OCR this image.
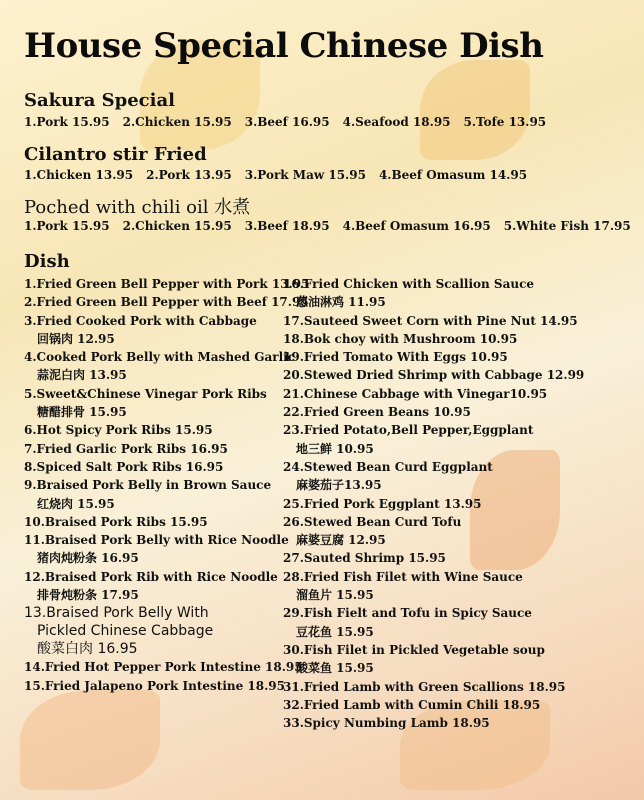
House Special Chinese Dish
Sakura Special
1.Pork 15.95 2.Chicken 15.95 3.Beef 16.95 4.Seafood 18.95 5.Tofe 13.95
Cilantro stir Fried
1.Chicken 13.95 2.Pork 13.95 3.Pork Maw 15.95 4.Beef Omasum 14.95
Poched with chili oil 水煮
1.Pork 15.95 2.Chicken 15.95 3.Beef 18.95 4.Beef Omasum 16.95 5.White Fish 17.95
Dish
1.Fried Green Bell Pepper with Pork 13.95
2.Fried Green Bell Pepper with Beef 17.95
3.Fried Cooked Pork with Cabbage
回锅肉 12.95
4.Cooked Pork Belly with Mashed Garlic
蒜泥白肉 13.95
5.Sweet&Chinese Vinegar Pork Ribs
糖醋排骨 15.95
6.Hot Spicy Pork Ribs 15.95
7.Fried Garlic Pork Ribs 16.95
8.Spiced Salt Pork Ribs 16.95
9.Braised Pork Belly in Brown Sauce
红烧肉 15.95
10.Braised Pork Ribs 15.95
11.Braised Pork Belly with Rice Noodle
猪肉炖粉条 16.95
12.Braised Pork Rib with Rice Noodle
排骨炖粉条 17.95
13.Braised Pork Belly With
Pickled Chinese Cabbage
酸菜白肉 16.95
14.Fried Hot Pepper Pork Intestine 18.95
15.Fried Jalapeno Pork Intestine 18.95
16.Fried Chicken with Scallion Sauce
葱油淋鸡 11.95
17.Sauteed Sweet Corn with Pine Nut 14.95
18.Bok choy with Mushroom 10.95
19.Fried Tomato With Eggs 10.95
20.Stewed Dried Shrimp with Cabbage 12.99
21.Chinese Cabbage with Vinegar10.95
22.Fried Green Beans 10.95
23.Fried Potato,Bell Pepper,Eggplant
地三鲜 10.95
24.Stewed Bean Curd Eggplant
麻婆茄子13.95
25.Fried Pork Eggplant 13.95
26.Stewed Bean Curd Tofu
麻婆豆腐 12.95
27.Sauted Shrimp 15.95
28.Fried Fish Filet with Wine Sauce
溜鱼片 15.95
29.Fish Fielt and Tofu in Spicy Sauce
豆花鱼 15.95
30.Fish Filet in Pickled Vegetable soup
酸菜鱼 15.95
31.Fried Lamb with Green Scallions 18.95
32.Fried Lamb with Cumin Chili 18.95
33.Spicy Numbing Lamb 18.95
